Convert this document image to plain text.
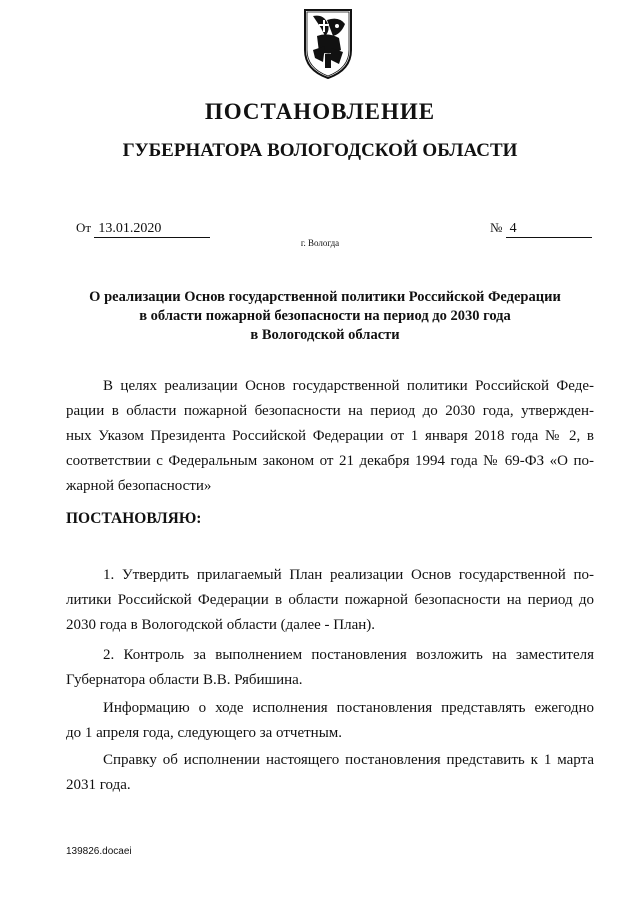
ПОСТАНОВЛЕНИЕ
ГУБЕРНАТОРА ВОЛОГОДСКОЙ ОБЛАСТИ
От 13.01.2020	№ 4
г. Вологда
О реализации Основ государственной политики Российской Федерации
в области пожарной безопасности на период до 2030 года
в Вологодской области
В целях реализации Основ государственной политики Российской Феде-
рации в области пожарной безопасности на период до 2030 года, утвержден-
ных Указом Президента Российской Федерации от 1 января 2018 года № 2, в
соответствии с Федеральным законом от 21 декабря 1994 года № 69-ФЗ «О по-
жарной безопасности»
ПОСТАНОВЛЯЮ:
1. Утвердить прилагаемый План реализации Основ государственной по-
литики Российской Федерации в области пожарной безопасности на период до
2030 года в Вологодской области (далее - План).
2. Контроль за выполнением постановления возложить на заместителя
Губернатора области В.В. Рябишина.
Информацию о ходе исполнения постановления представлять ежегодно
до 1 апреля года, следующего за отчетным.
Справку об исполнении настоящего постановления представить к 1 марта
2031 года.
139826.docaei
